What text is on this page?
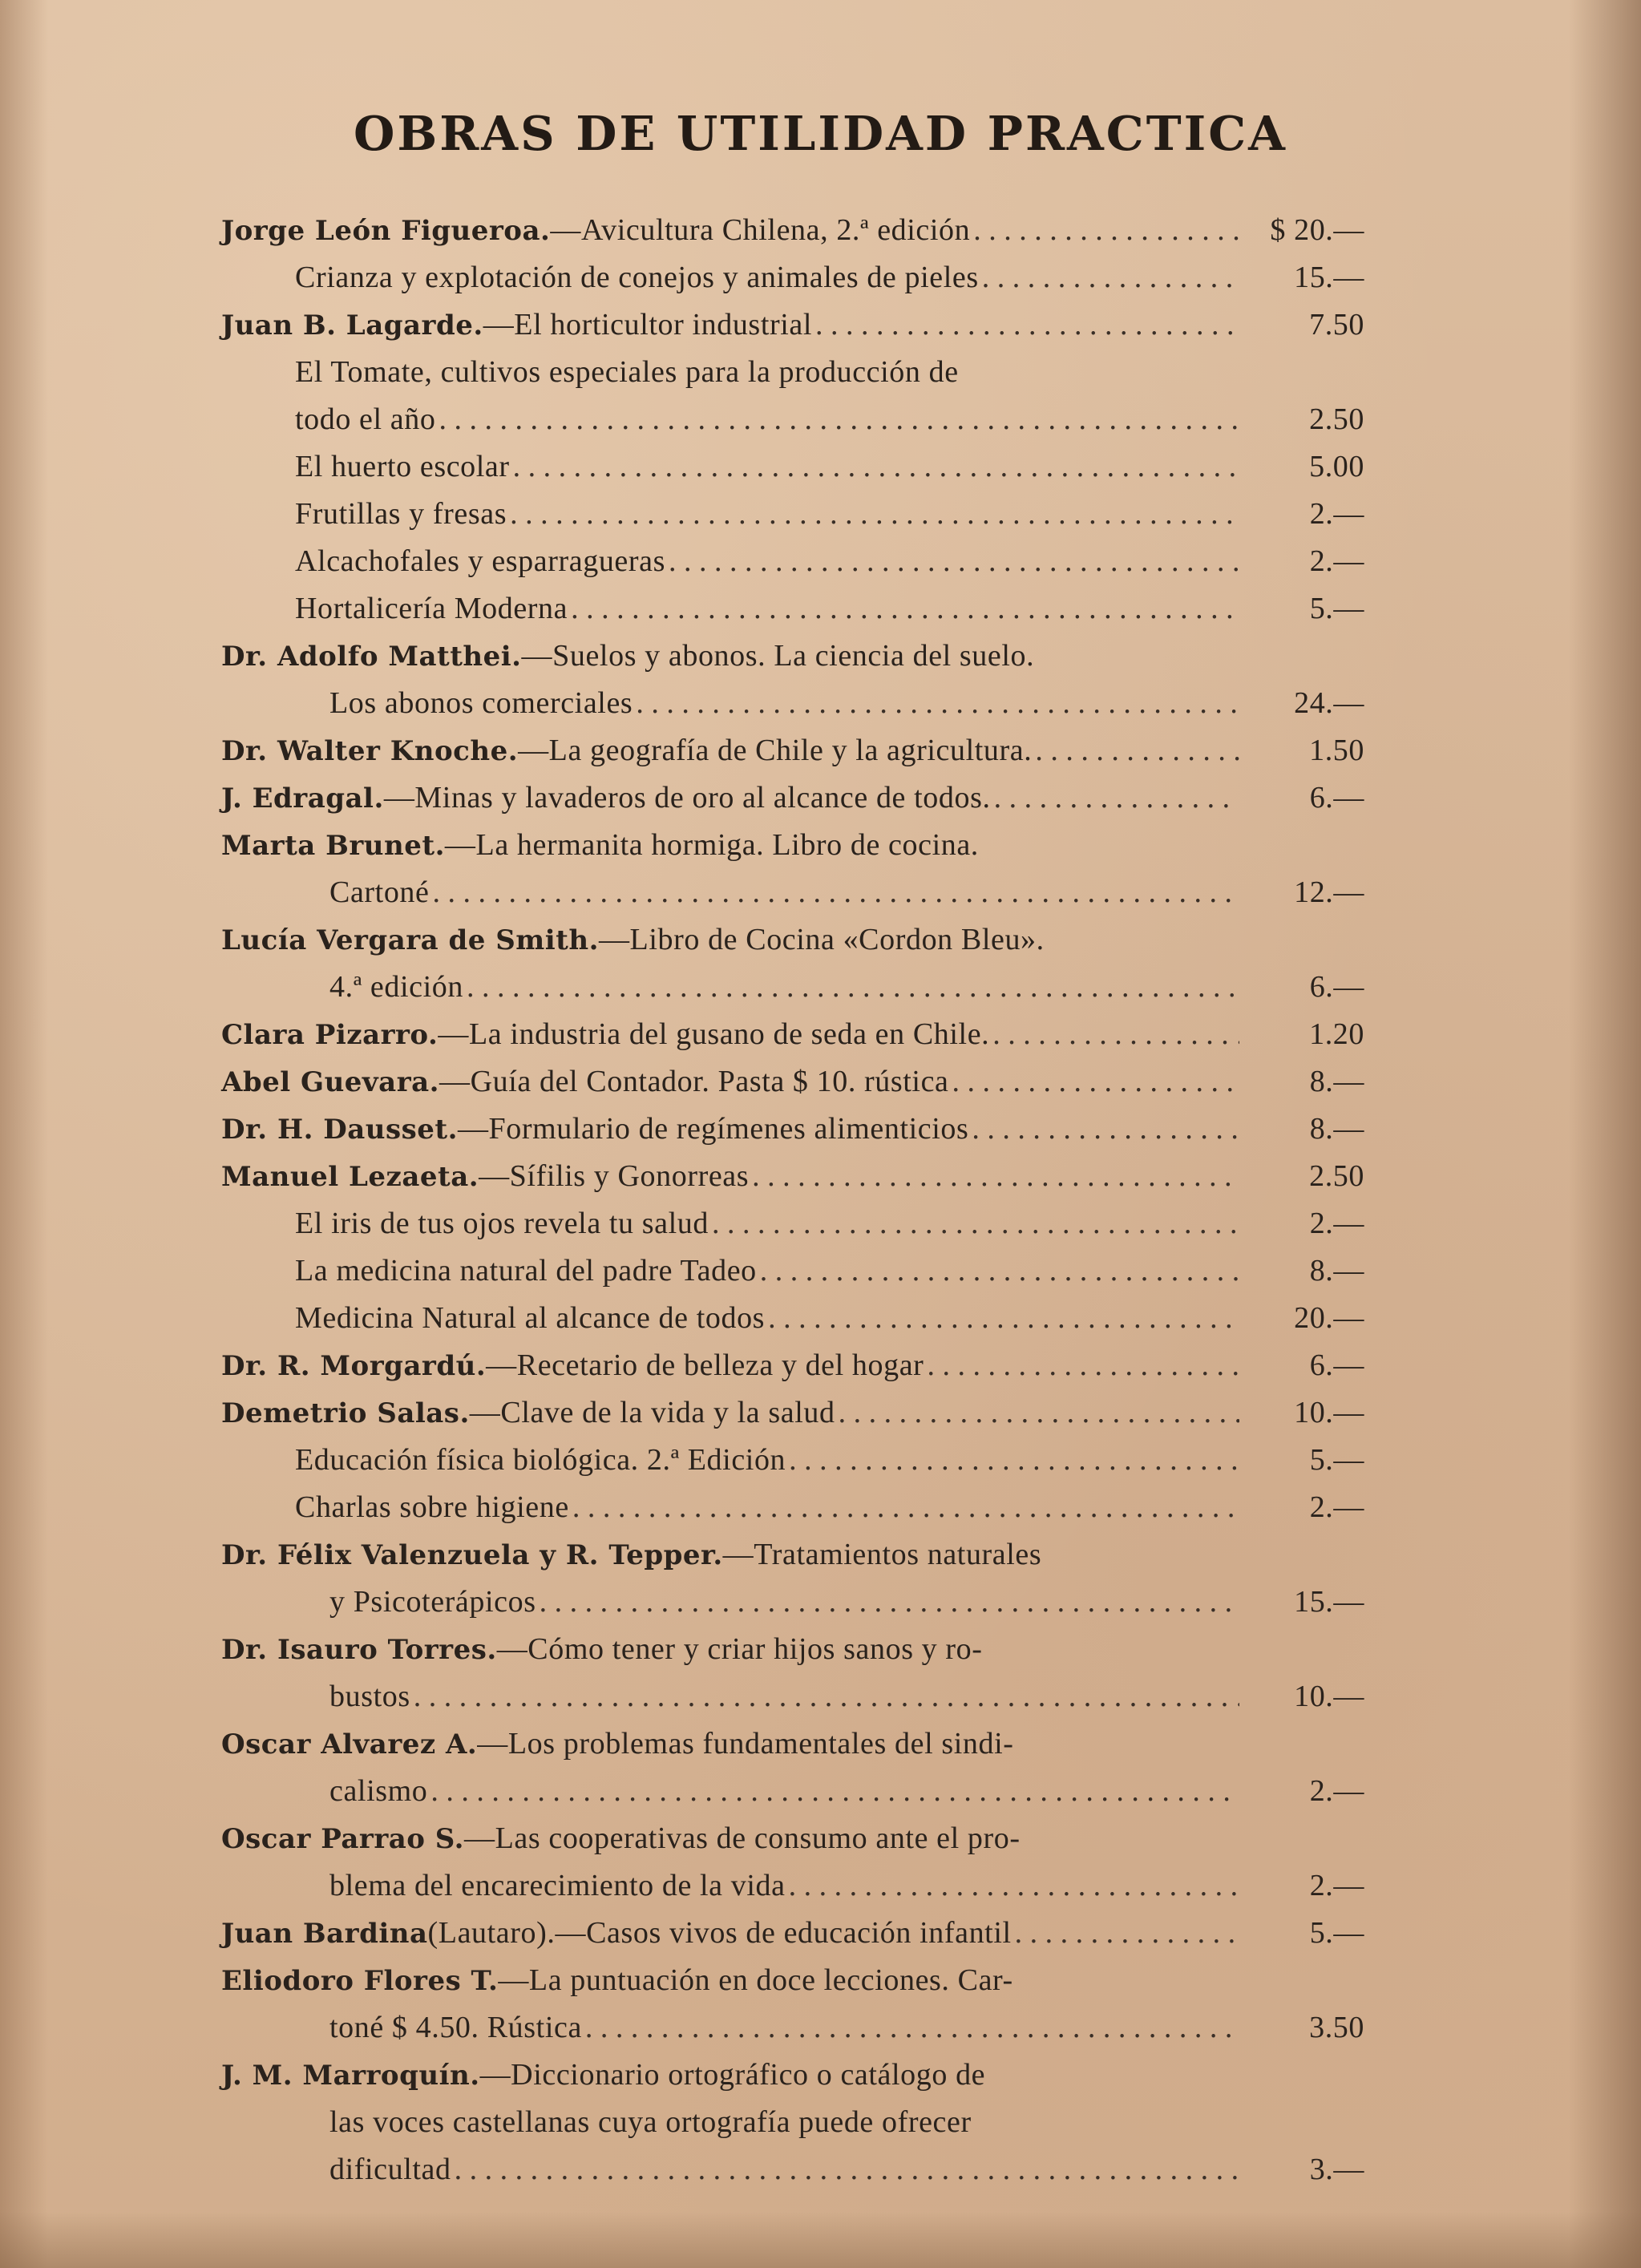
OBRAS DE UTILIDAD PRACTICA
Jorge León Figueroa. —Avicultura Chilena, 2.ª edición . . .	$ 20.—
Crianza y explotación de conejos y animales de pieles . . .	15.—
Juan B. Lagarde. —El horticultor industrial . . .	7.50
El Tomate, cultivos especiales para la producción de
todo el año . . .	2.50
El huerto escolar . . .	5.00
Frutillas y fresas . . .	2.—
Alcachofales y esparragueras . . .	2.—
Hortalicería Moderna . . .	5.—
Dr. Adolfo Matthei. —Suelos y abonos. La ciencia del suelo.
Los abonos comerciales . . .	24.—
Dr. Walter Knoche. —La geografía de Chile y la agricultura. . . .	1.50
J. Edragal. —Minas y lavaderos de oro al alcance de todos. . . .	6.—
Marta Brunet. —La hermanita hormiga. Libro de cocina.
Cartoné . . .	12.—
Lucía Vergara de Smith. —Libro de Cocina «Cordon Bleu».
4.ª edición . . .	6.—
Clara Pizarro. —La industria del gusano de seda en Chile. . . .	1.20
Abel Guevara. —Guía del Contador. Pasta $ 10. rústica . . .	8.—
Dr. H. Dausset. —Formulario de regímenes alimenticios . . .	8.—
Manuel Lezaeta. —Sífilis y Gonorreas . . .	2.50
El iris de tus ojos revela tu salud . . .	2.—
La medicina natural del padre Tadeo . . .	8.—
Medicina Natural al alcance de todos . . .	20.—
Dr. R. Morgardú. —Recetario de belleza y del hogar . . .	6.—
Demetrio Salas. —Clave de la vida y la salud . . .	10.—
Educación física biológica. 2.ª Edición . . .	5.—
Charlas sobre higiene . . .	2.—
Dr. Félix Valenzuela y R. Tepper. —Tratamientos naturales
y Psicoterápicos . . .	15.—
Dr. Isauro Torres. —Cómo tener y criar hijos sanos y ro-
bustos . . .	10.—
Oscar Alvarez A. —Los problemas fundamentales del sindi-
calismo . . .	2.—
Oscar Parrao S. —Las cooperativas de consumo ante el pro-
blema del encarecimiento de la vida . . .	2.—
Juan Bardina (Lautaro).—Casos vivos de educación infantil . . .	5.—
Eliodoro Flores T. —La puntuación en doce lecciones. Car-
toné $ 4.50. Rústica . . .	3.50
J. M. Marroquín. —Diccionario ortográfico o catálogo de
las voces castellanas cuya ortografía puede ofrecer
dificultad . . .	3.—
